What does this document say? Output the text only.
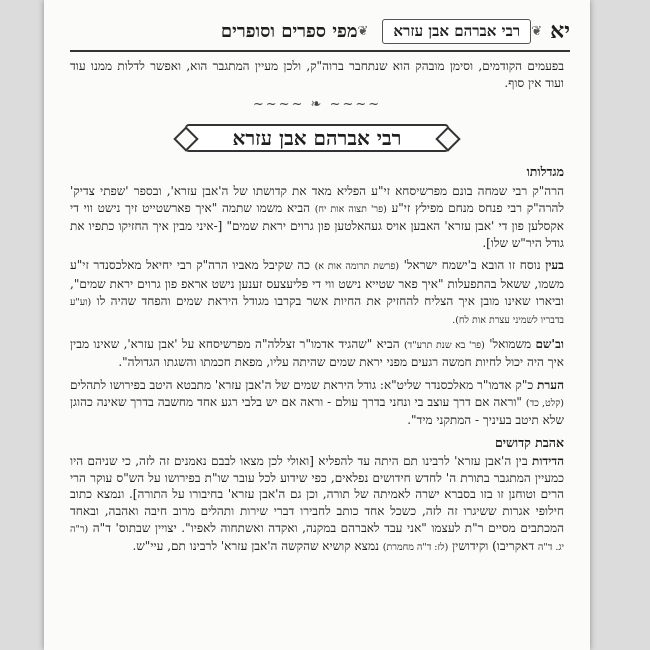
יא
❦
רבי אברהם אבן עזרא
❦
מפי ספרים וסופרים

בפעמים הקודמים, וסימן מובהק הוא שנתחבר ברוה"ק, ולכן מעיין המתגבר הוא, ואפשר לדלות ממנו עוד ועוד אין סוף.

~~~~ ❧ ~~~~
רבי אברהם אבן עזרא
מגדלותו

הרה"ק רבי שמחה בונם מפרשיסחא זי"ע הפליא מאד את קדושתו של ה'אבן עזרא', ובספר 'שפתי צדיק' להרה"ק רבי פנחס מנחם מפילץ זי"ע (פר' תצוה אות יח) הביא משמו שתמה "איך פארשטייט זיך נישט ווי די אקסלען פון די 'אבן עזרא' האבען אויס געהאלטען פון גרוים יראת שמים" [-איני מבין איך החזיקו כתפיו את גודל היר"ש שלו].

בעין נוסח זו הובא ב'ישמח ישראל' (פרשת תרומה אות א) כה שקיבל מאביו הרה"ק רבי יחיאל מאלכסנדר זי"ע משמו, ששאל בהתפעלות "איך פאר שטייא נישט ווי די פליעצעס זענען נישט אראפ פון גרוים יראת שמים", וביארו שאינו מובן איך הצליח להחזיק את החיות אשר בקרבו מגודל היראת שמים והפחד שהיה לו (וע"ע בדבריו לשמיני עצרת אות לח).

וב'שם משמואל' (פר' בא שנת תרע"ד) הביא "שהגיד אדמו"ר זצללה"ה מפרשיסחא על 'אבן עזרא', שאינו מבין איך היה יכול לחיות חמשה רגעים מפני יראת שמים שהיתה עליו, מפאת חכמתו והשגתו הגדולה".

הערת כ"ק אדמו"ר מאלכסנדר שליט"א: גודל היראת שמים של ה'אבן עזרא' מתבטא היטב בפירושו לתהלים (קלט, כד) "וראה אם דרך עוצב בי ונחני בדרך עולם - וראה אם יש בלבי רגע אחד מחשבה בדרך שאינה כהוגן שלא תיטב בעיניך - המתקני מיד".

אהבת קדושים

הדידות בין ה'אבן עזרא' לרבינו תם היתה עד להפליא [ואולי לכן מצאו לבבם נאמנים זה לזה, כי שניהם היו כמעיין המתגבר בתורת ה' לחדש חידושים נפלאים, כפי שידוע לכל עובר שו"ת בפירושו על הש"ס עוקר הרי הרים וטוחנן זו בזו בסברא ישרה לאמיתה של תורה, וכן גם ה'אבן עזרא' בחיבורו על התורה]. ונמצא כתוב חילופי אגרות ששיגרו זה לזה, כשכל אחד כותב לחבירו דברי שירות ותהלים מרוב חיבה ואהבה, ובאחד המכתבים מסיים ר"ת לעצמו "אני עבד לאברהם במקנה, ואקדה ואשתחוה לאפיו". יצויין שבתוס' ד"ה (ר"ה יג. ד"ה דאקריבו) וקידושין (לז: ד"ה מחמרת) נמצא קושיא שהקשה ה'אבן עזרא' לרבינו תם, עיי"ש.
